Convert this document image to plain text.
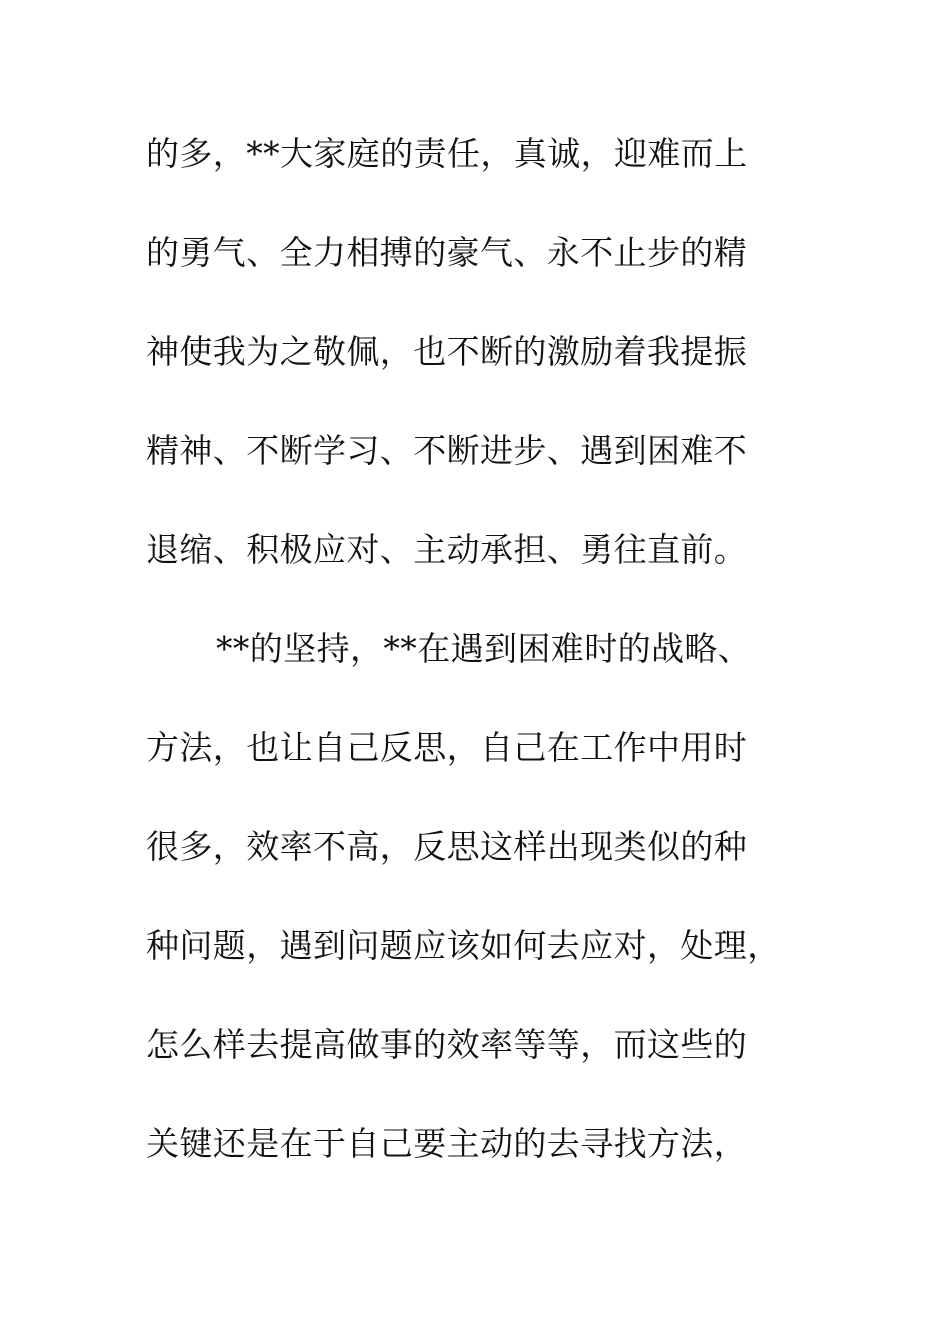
的多，**大家庭的责任，真诚，迎难而上
的勇气、全力相搏的豪气、永不止步的精
神使我为之敬佩，也不断的激励着我提振
精神、不断学习、不断进步、遇到困难不
退缩、积极应对、主动承担、勇往直前。
**的坚持，**在遇到困难时的战略、
方法，也让自己反思，自己在工作中用时
很多，效率不高，反思这样出现类似的种
种问题，遇到问题应该如何去应对，处理，
怎么样去提高做事的效率等等，而这些的
关键还是在于自己要主动的去寻找方法，
